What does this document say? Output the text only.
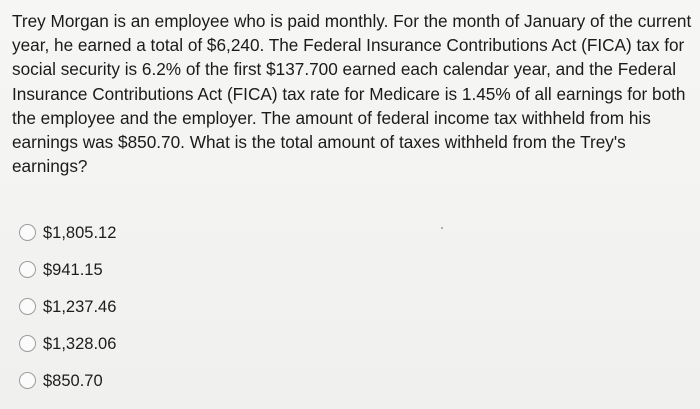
Trey Morgan is an employee who is paid monthly. For the month of January of the current year, he earned a total of $6,240. The Federal Insurance Contributions Act (FICA) tax for social security is 6.2% of the first $137.700 earned each calendar year, and the Federal Insurance Contributions Act (FICA) tax rate for Medicare is 1.45% of all earnings for both the employee and the employer. The amount of federal income tax withheld from his earnings was $850.70. What is the total amount of taxes withheld from the Trey's earnings?

$1,805.12
$941.15
$1,237.46
$1,328.06
$850.70
